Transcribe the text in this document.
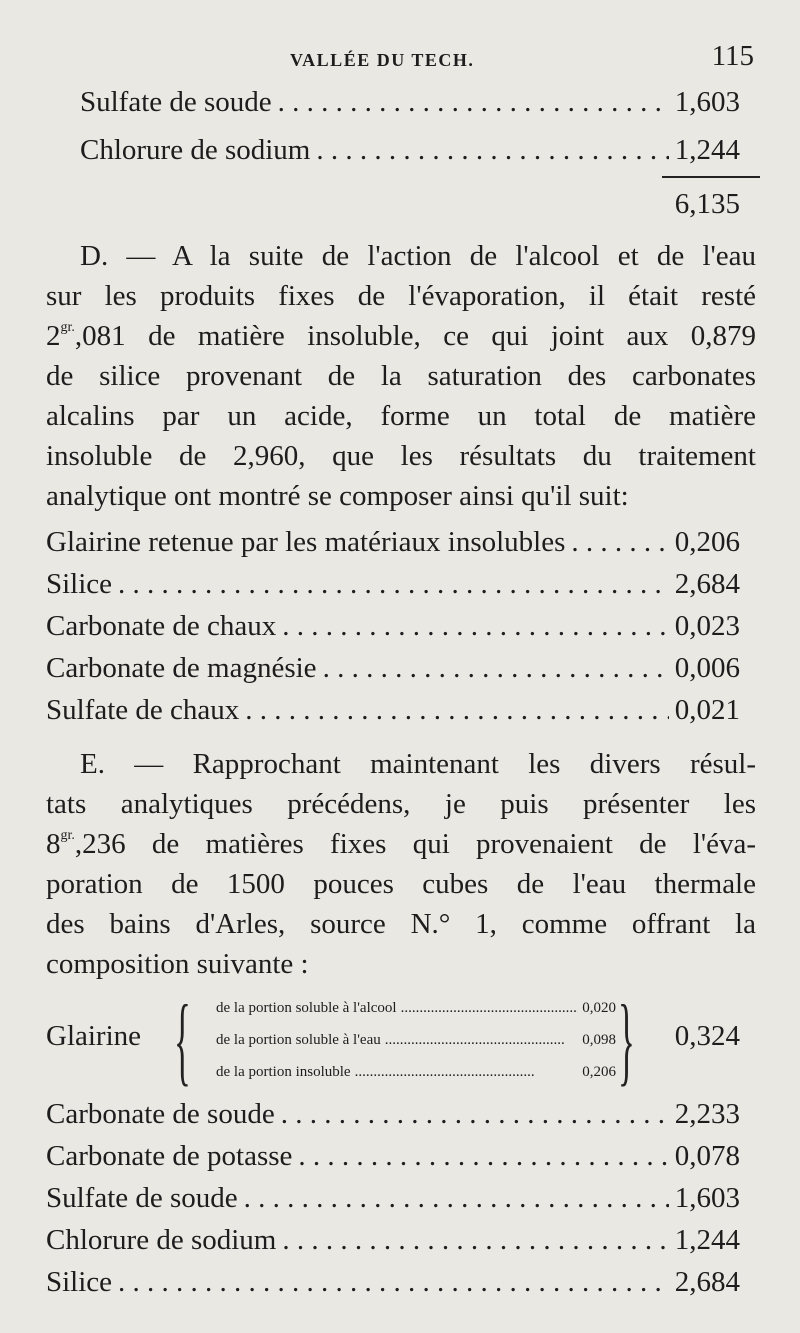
VALLÉE DU TECH.	115
Sulfate de soude . . .	1,603
Chlorure de sodium . . .	1,244
6,135
D. — A la suite de l'action de l'alcool et de l'eau
sur les produits fixes de l'évaporation, il était resté
$2^{gr.},081$ de matière insoluble, ce qui joint aux 0,879
de silice provenant de la saturation des carbonates
alcalins par un acide, forme un total de matière
insoluble de 2,960, que les résultats du traitement
analytique ont montré se composer ainsi qu'il suit:
Glairine retenue par les matériaux insolubles . . .	0,206
Silice . . .	2,684
Carbonate de chaux . . .	0,023
Carbonate de magnésie . . .	0,006
Sulfate de chaux . . .	0,021
E. — Rapprochant maintenant les divers résul-
tats analytiques précédens, je puis présenter les
$8^{gr.},236$ de matières fixes qui provenaient de l'éva-
poration de 1500 pouces cubes de l'eau thermale
des bains d'Arles, source N.° 1, comme offrant la
composition suivante :
Glairine { de la portion soluble à l'alcool .....	0,020
de la portion soluble à l'eau .....	0,098
de la portion insoluble .....	0,206 } 0,324
Carbonate de soude . . .	2,233
Carbonate de potasse . . .	0,078
Sulfate de soude . . .	1,603
Chlorure de sodium . . .	1,244
Silice . . .	2,684
